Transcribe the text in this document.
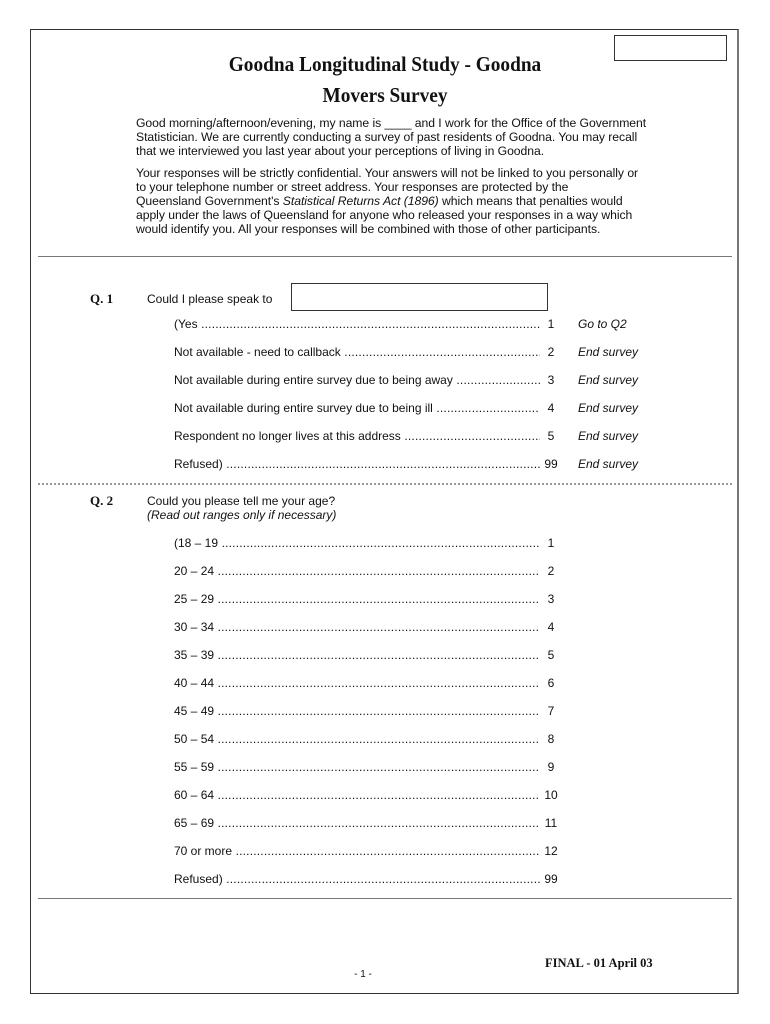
Goodna Longitudinal Study - Goodna
Movers Survey
Good morning/afternoon/evening, my name is ____ and I work for the Office of the Government
Statistician. We are currently conducting a survey of past residents of Goodna. You may recall
that we interviewed you last year about your perceptions of living in Goodna.
Your responses will be strictly confidential. Your answers will not be linked to you personally or
to your telephone number or street address. Your responses are protected by the
Queensland Government's Statistical Returns Act (1896) which means that penalties would
apply under the laws of Queensland for anyone who released your responses in a way which
would identify you. All your responses will be combined with those of other participants.
Q. 1	Could I please speak to
(Yes .....	1	Go to Q2
Not available - need to callback .....	2	End survey
Not available during entire survey due to being away .....	3	End survey
Not available during entire survey due to being ill .....	4	End survey
Respondent no longer lives at this address .....	5	End survey
Refused) .....	99	End survey
Q. 2	Could you please tell me your age?
(Read out ranges only if necessary)
(18 – 19 .....	1
20 – 24 .....	2
25 – 29 .....	3
30 – 34 .....	4
35 – 39 .....	5
40 – 44 .....	6
45 – 49 .....	7
50 – 54 .....	8
55 – 59 .....	9
60 – 64 .....	10
65 – 69 .....	11
70 or more .....	12
Refused) .....	99
FINAL - 01 April 03
- 1 -
